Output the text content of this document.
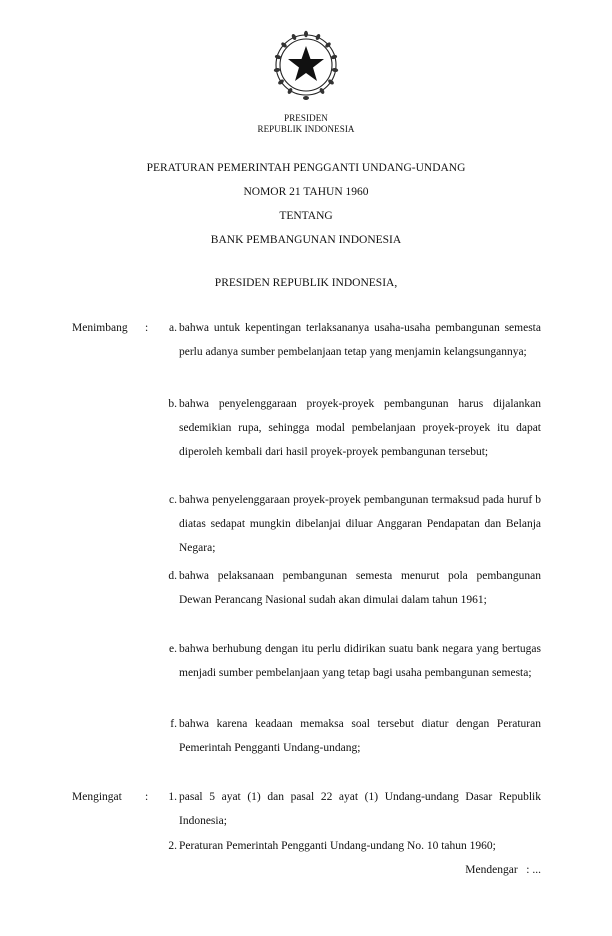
PRESIDEN
REPUBLIK INDONESIA
PERATURAN PEMERINTAH PENGGANTI UNDANG-UNDANG
NOMOR 21 TAHUN 1960
TENTANG
BANK PEMBANGUNAN INDONESIA
PRESIDEN REPUBLIK INDONESIA,
Menimbang :	a. bahwa untuk kepentingan terlaksananya usaha-usaha pembangunan semesta perlu adanya sumber pembelanjaan tetap yang menjamin kelangsungannya;
b. bahwa penyelenggaraan proyek-proyek pembangunan harus dijalankan sedemikian rupa, sehingga modal pembelanjaan proyek-proyek itu dapat diperoleh kembali dari hasil proyek-proyek pembangunan tersebut;
c. bahwa penyelenggaraan proyek-proyek pembangunan termaksud pada huruf b diatas sedapat mungkin dibelanjai diluar Anggaran Pendapatan dan Belanja Negara;
d. bahwa pelaksanaan pembangunan semesta menurut pola pembangunan Dewan Perancang Nasional sudah akan dimulai dalam tahun 1961;
e. bahwa berhubung dengan itu perlu didirikan suatu bank negara yang bertugas menjadi sumber pembelanjaan yang tetap bagi usaha pembangunan semesta;
f. bahwa karena keadaan memaksa soal tersebut diatur dengan Peraturan Pemerintah Pengganti Undang-undang;
Mengingat :	1. pasal 5 ayat (1) dan pasal 22 ayat (1) Undang-undang Dasar Republik Indonesia;
2. Peraturan Pemerintah Pengganti Undang-undang No. 10 tahun 1960;
Mendengar   : ...
